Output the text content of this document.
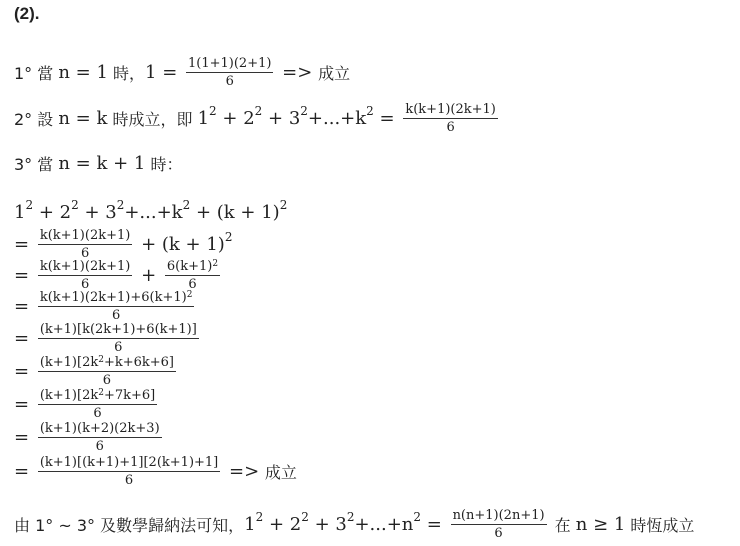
(2).
1° 當 n = 1 時， $1 = \frac{1(1+1)(2+1)}{6}$ => 成立
2° 設 n = k 時成立，即 1 2 + 2 2 + 3 2 +...+k $2 = \frac{k(k+1)(2k+1)}{6}$
3° 當 n = k + 1 時：
1 2 + 2 2 + 3 2 +...+k 2 + (k + 1) 2
= $\frac{k(k+1)(2k+1)}{6} + (k + 1)$ 2
= $\frac{k(k+1)(2k+1)}{6} + \frac{6(k+1) 2}{6}$
= $\frac{k(k+1)(2k+1)+6(k+1) 2}{6}$
= $\frac{(k+1)[k(2k+1)+6(k+1)]}{6}$
= $\frac{(k+1)[2k 2 +k+6k+6]}{6}$
= $\frac{(k+1)[2k 2 +7k+6]}{6}$
= $\frac{(k+1)(k+2)(2k+3)}{6}$
= $\frac{(k+1)[(k+1)+1][2(k+1)+1]}{6}$ => 成立
由 1° ~ 3° 及數學歸納法可知， 1 2 + 2 2 + 3 2 +...+n $2 = \frac{n(n+1)(2n+1)}{6}$ 在 n ≥ 1 時恆成立
